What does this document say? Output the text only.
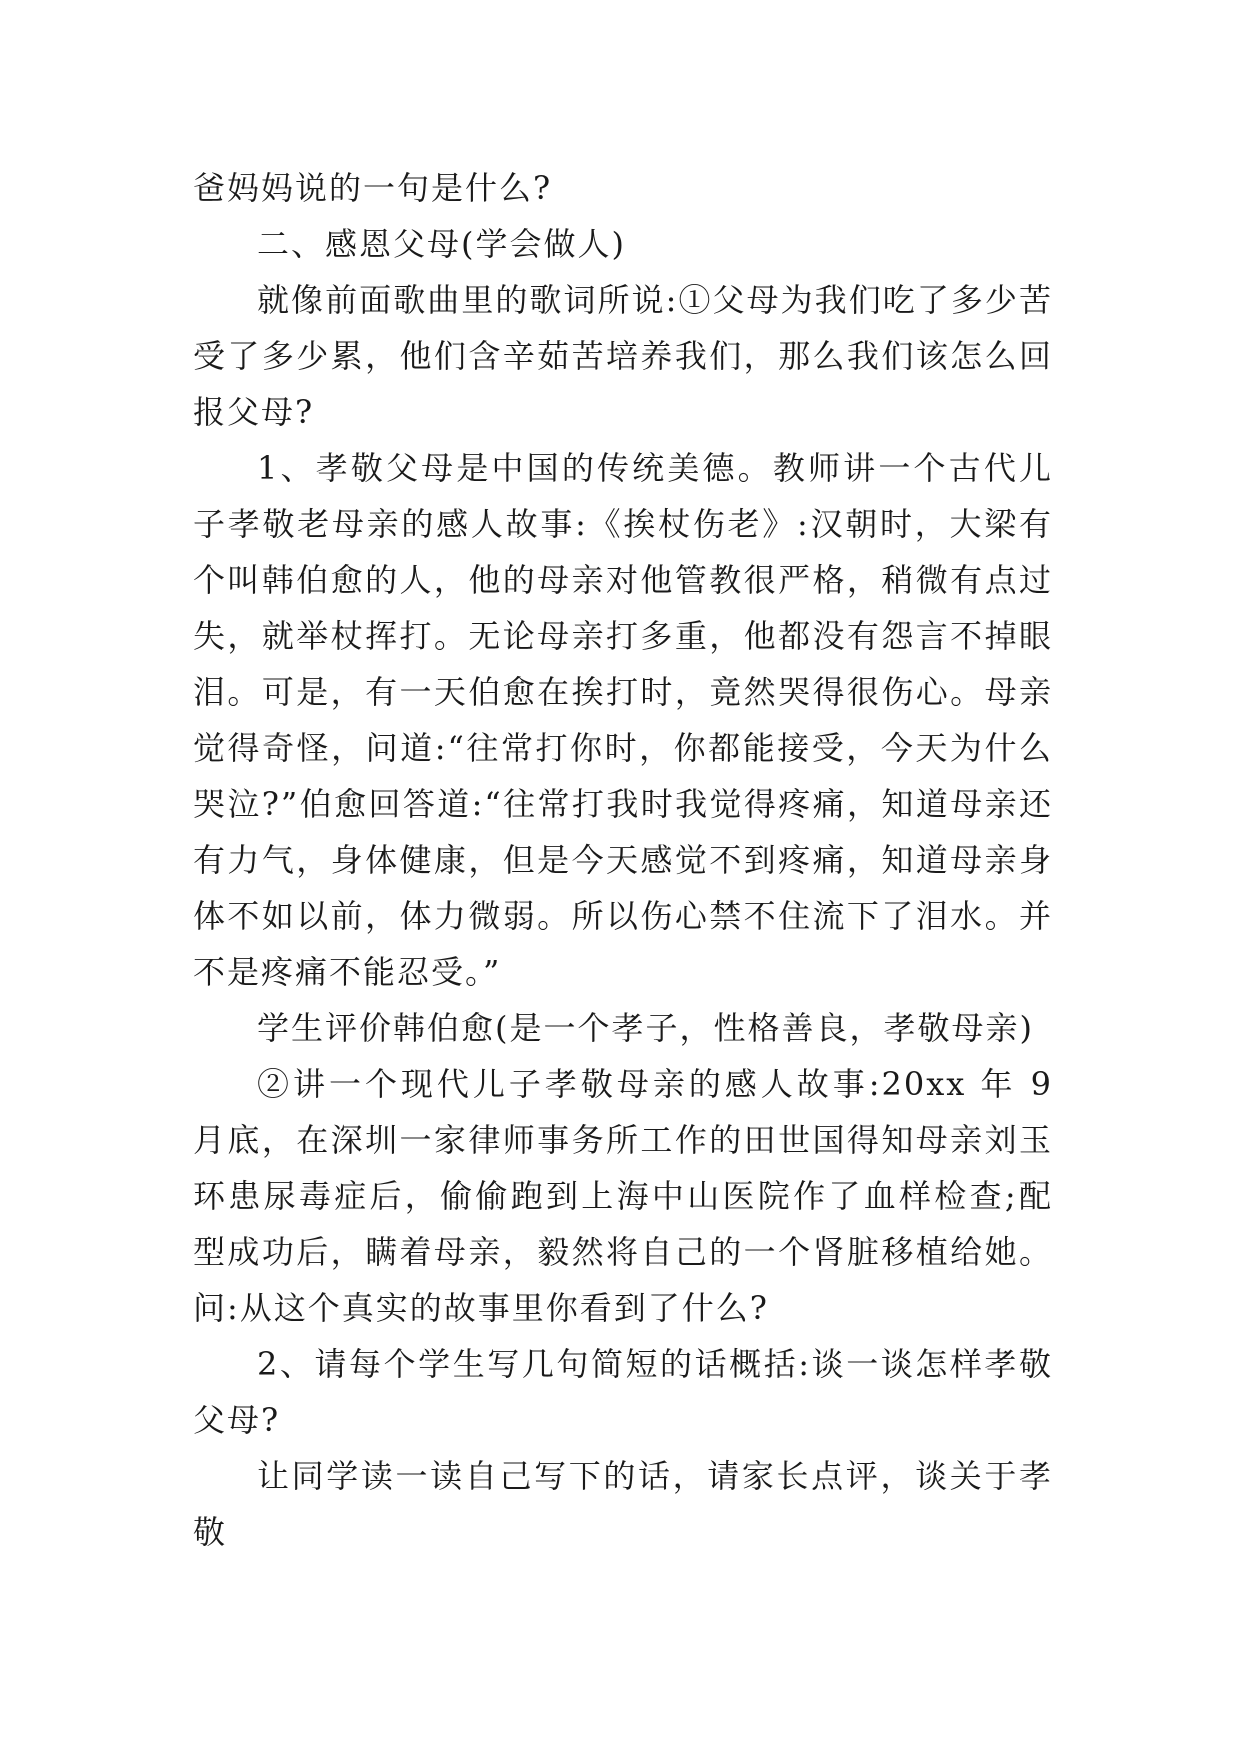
爸妈妈说的一句是什么?

二、感恩父母(学会做人)

就像前面歌曲里的歌词所说:①父母为我们吃了多少苦受了多少累，他们含辛茹苦培养我们，那么我们该怎么回报父母?

1、孝敬父母是中国的传统美德。教师讲一个古代儿子孝敬老母亲的感人故事:《挨杖伤老》:汉朝时，大梁有个叫韩伯愈的人，他的母亲对他管教很严格，稍微有点过失，就举杖挥打。无论母亲打多重，他都没有怨言不掉眼泪。可是，有一天伯愈在挨打时，竟然哭得很伤心。母亲觉得奇怪，问道:“往常打你时，你都能接受，今天为什么哭泣?”伯愈回答道:“往常打我时我觉得疼痛，知道母亲还有力气，身体健康，但是今天感觉不到疼痛，知道母亲身体不如以前，体力微弱。所以伤心禁不住流下了泪水。并不是疼痛不能忍受。”

学生评价韩伯愈(是一个孝子，性格善良，孝敬母亲)

②讲一个现代儿子孝敬母亲的感人故事:20xx 年 9 月底，在深圳一家律师事务所工作的田世国得知母亲刘玉环患尿毒症后，偷偷跑到上海中山医院作了血样检查;配型成功后，瞒着母亲，毅然将自己的一个肾脏移植给她。问:从这个真实的故事里你看到了什么?

2、请每个学生写几句简短的话概括:谈一谈怎样孝敬父母?

让同学读一读自己写下的话，请家长点评，谈关于孝敬
